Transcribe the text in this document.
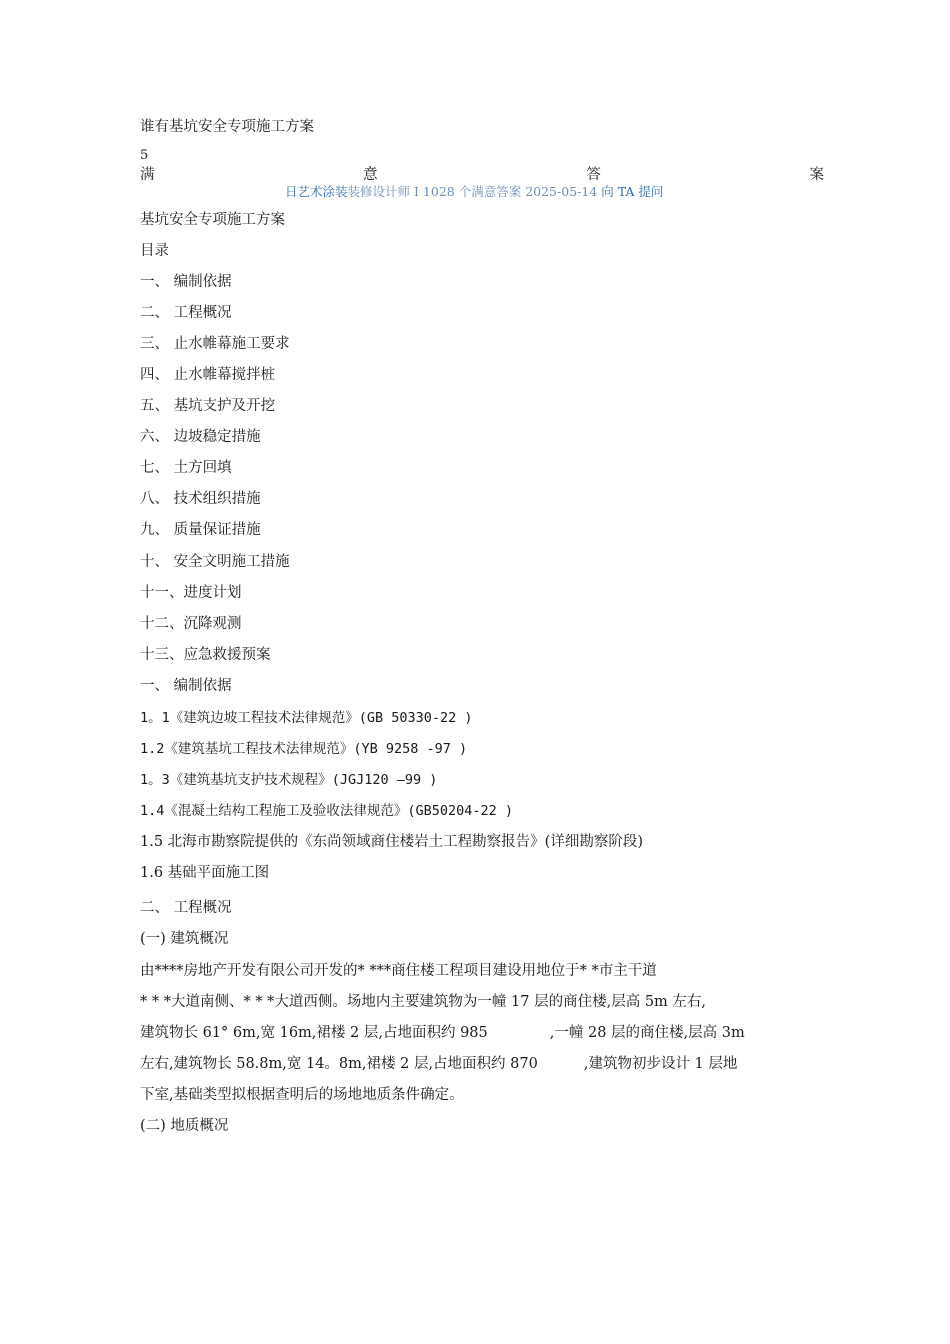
谁有基坑安全专项施工方案
5
满	意	答	案
日艺术涂装装修设计师 I 1028 个满意答案 2025-05-14 向 TA 提问
基坑安全专项施工方案
目录
一、 编制依据
二、 工程概况
三、 止水帷幕施工要求
四、 止水帷幕搅拌桩
五、 基坑支护及开挖
六、 边坡稳定措施
七、 土方回填
八、 技术组织措施
九、 质量保证措施
十、 安全文明施工措施
十一、进度计划
十二、沉降观测
十三、应急救援预案
一、 编制依据
1。1《建筑边坡工程技术法律规范》(GB 50330-22 )
1.2《建筑基坑工程技术法律规范》(YB 9258 -97 )
1。3《建筑基坑支护技术规程》(JGJ120 —99 )
1.4《混凝土结构工程施工及验收法律规范》(GB50204-22 )
1.5 北海市勘察院提供的《东尚领域商住楼岩土工程勘察报告》(详细勘察阶段)
1.6 基础平面施工图
二、 工程概况
(一) 建筑概况
由****房地产开发有限公司开发的* ***商住楼工程项目建设用地位于* *市主干道
* * *大道南侧、* * *大道西侧。场地内主要建筑物为一幢 17 层的商住楼,层高 5m 左右,
建筑物长 61° 6m,宽 16m,裙楼 2 层,占地面积约 985	,一幢 28 层的商住楼,层高 3m
左右,建筑物长 58.8m,宽 14。8m,裙楼 2 层,占地面积约 870	,建筑物初步设计 1 层地
下室,基础类型拟根据查明后的场地地质条件确定。
(二) 地质概况
